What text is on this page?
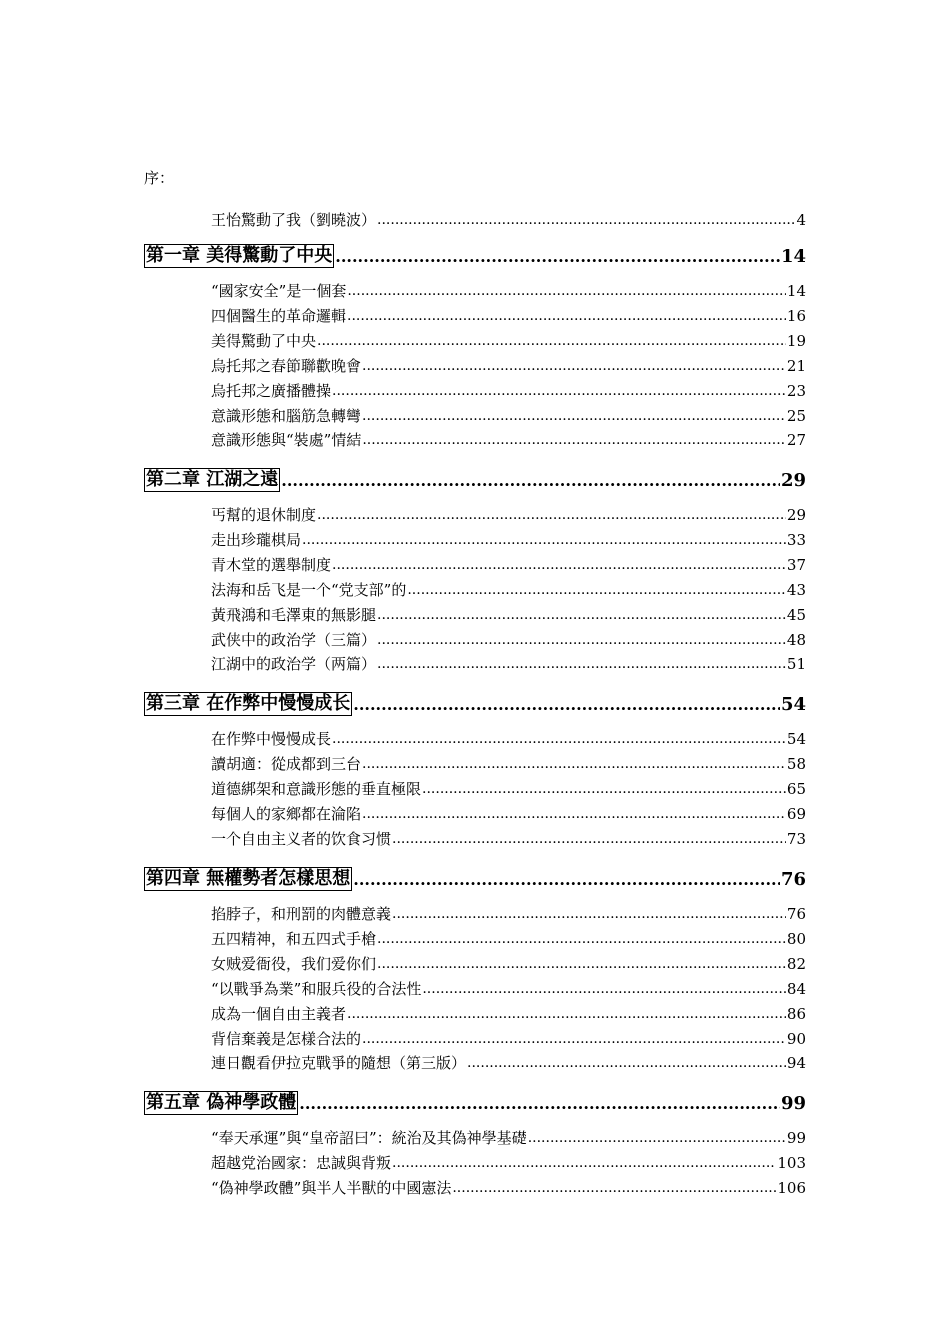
序：
王怡驚動了我（劉曉波） .....	4
第一章 美得驚動了中央 .....	14
“國家安全”是一個套 .....	14
四個醫生的革命邏輯 .....	16
美得驚動了中央 .....	19
烏托邦之春節聯歡晚會 .....	21
烏托邦之廣播體操 .....	23
意識形態和腦筋急轉彎 .....	25
意識形態與“裝處”情結 .....	27
第二章 江湖之遠 .....	29
丐幫的退休制度 .....	29
走出珍瓏棋局 .....	33
青木堂的選舉制度 .....	37
法海和岳飞是一个“党支部”的 .....	43
黃飛鴻和毛澤東的無影腿 .....	45
武侠中的政治学（三篇） .....	48
江湖中的政治学（两篇） .....	51
第三章 在作弊中慢慢成长 .....	54
在作弊中慢慢成長 .....	54
讀胡適：從成都到三台 .....	58
道德綁架和意識形態的垂直極限 .....	65
每個人的家鄉都在淪陷 .....	69
一个自由主义者的饮食习惯 .....	73
第四章 無權勢者怎樣思想 .....	76
掐脖子，和刑罰的肉體意義 .....	76
五四精神，和五四式手槍 .....	80
女贼爱衙役，我们爱你们 .....	82
“以戰爭為業”和服兵役的合法性 .....	84
成為一個自由主義者 .....	86
背信棄義是怎樣合法的 .....	90
連日觀看伊拉克戰爭的隨想（第三版） .....	94
第五章 偽神學政體 .....	99
“奉天承運”與“皇帝詔曰”：統治及其偽神學基礎 .....	99
超越党治國家：忠誠與背叛 .....	103
“偽神學政體”與半人半獸的中國憲法 .....	106
